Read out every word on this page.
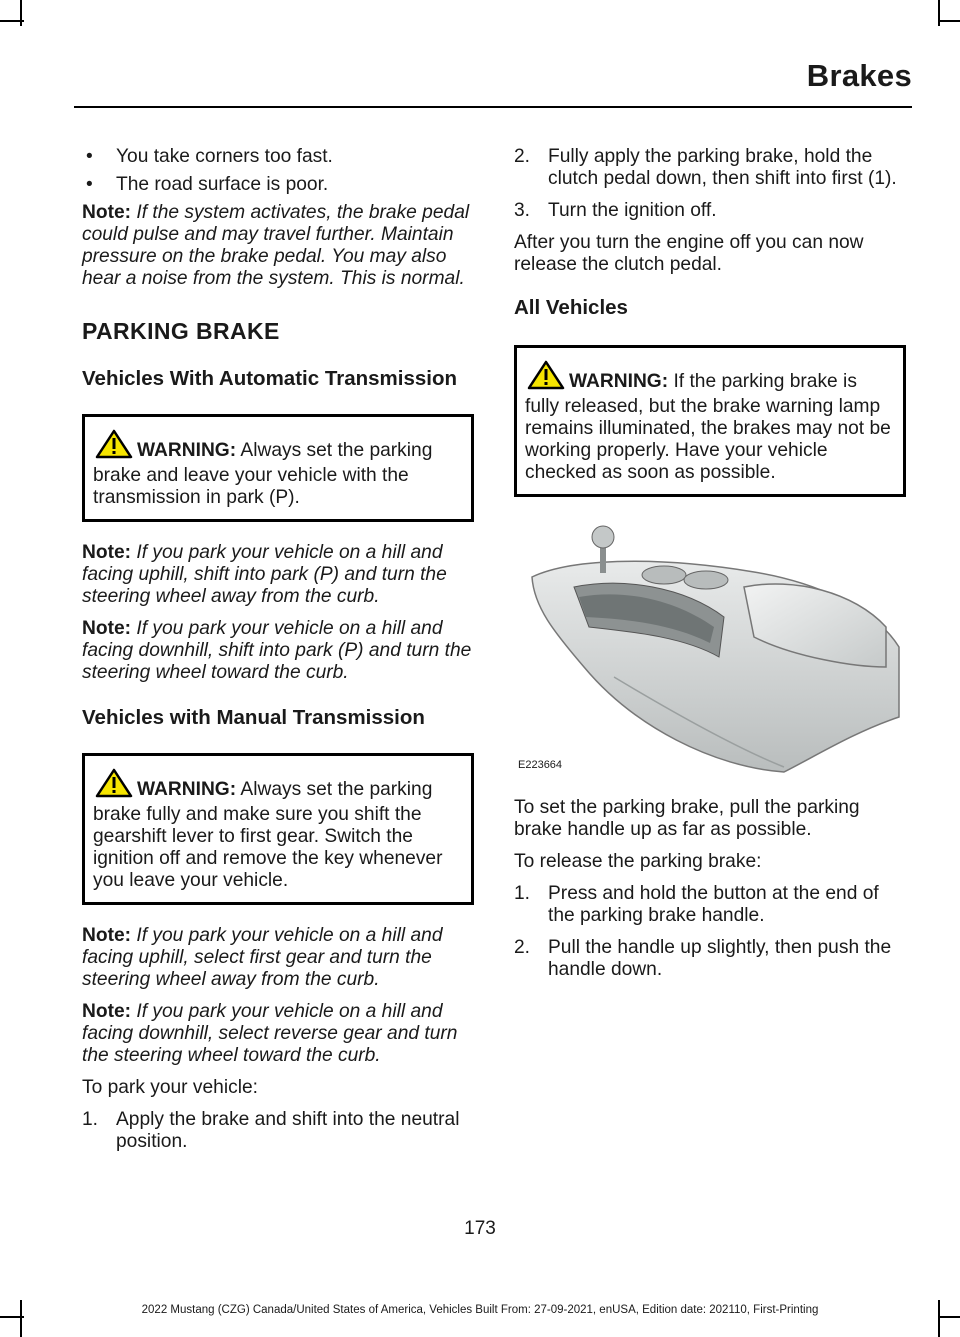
Brakes

• You take corners too fast.

• The road surface is poor.

Note: If the system activates, the brake pedal could pulse and may travel further. Maintain pressure on the brake pedal. You may also hear a noise from the system. This is normal.

PARKING BRAKE
Vehicles With Automatic Transmission
WARNING: Always set the parking brake and leave your vehicle with the transmission in park (P).

Note: If you park your vehicle on a hill and facing uphill, shift into park (P) and turn the steering wheel away from the curb.

Note: If you park your vehicle on a hill and facing downhill, shift into park (P) and turn the steering wheel toward the curb.

Vehicles with Manual Transmission
WARNING: Always set the parking brake fully and make sure you shift the gearshift lever to first gear. Switch the ignition off and remove the key whenever you leave your vehicle.

Note: If you park your vehicle on a hill and facing uphill, select first gear and turn the steering wheel away from the curb.

Note: If you park your vehicle on a hill and facing downhill, select reverse gear and turn the steering wheel toward the curb.

To park your vehicle:

1. Apply the brake and shift into the neutral position.

2. Fully apply the parking brake, hold the clutch pedal down, then shift into first (1).

3. Turn the ignition off.

After you turn the engine off you can now release the clutch pedal.

All Vehicles
WARNING: If the parking brake is fully released, but the brake warning lamp remains illuminated, the brakes may not be working properly. Have your vehicle checked as soon as possible.
E223664

To set the parking brake, pull the parking brake handle up as far as possible.

To release the parking brake:

1. Press and hold the button at the end of the parking brake handle.

2. Pull the handle up slightly, then push the handle down.

173
2022 Mustang (CZG) Canada/United States of America, Vehicles Built From: 27-09-2021, enUSA, Edition date: 202110, First-Printing
